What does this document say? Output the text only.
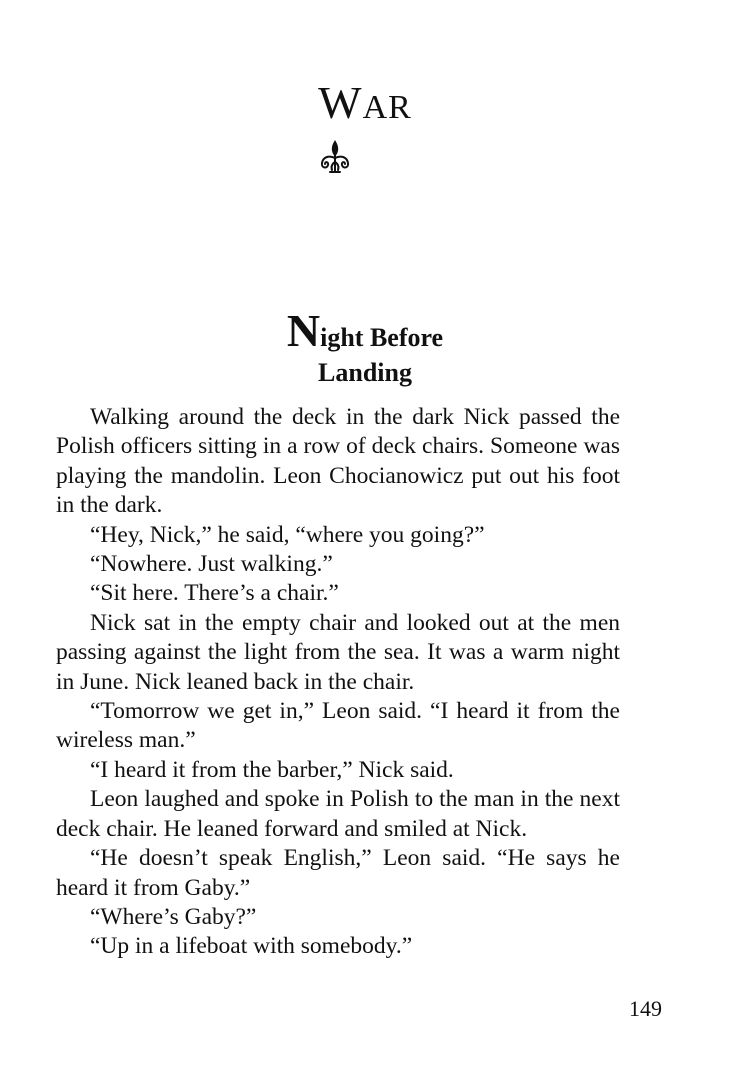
WAR
Night Before
Landing

Walking around the deck in the dark Nick passed the Polish officers sitting in a row of deck chairs. Someone was playing the mandolin. Leon Chocianowicz put out his foot in the dark.

“Hey, Nick,” he said, “where you going?”

“Nowhere. Just walking.”

“Sit here. There’s a chair.”

Nick sat in the empty chair and looked out at the men passing against the light from the sea. It was a warm night in June. Nick leaned back in the chair.

“Tomorrow we get in,” Leon said. “I heard it from the wireless man.”

“I heard it from the barber,” Nick said.

Leon laughed and spoke in Polish to the man in the next deck chair. He leaned forward and smiled at Nick.

“He doesn’t speak English,” Leon said. “He says he heard it from Gaby.”

“Where’s Gaby?”

“Up in a lifeboat with somebody.”

149
